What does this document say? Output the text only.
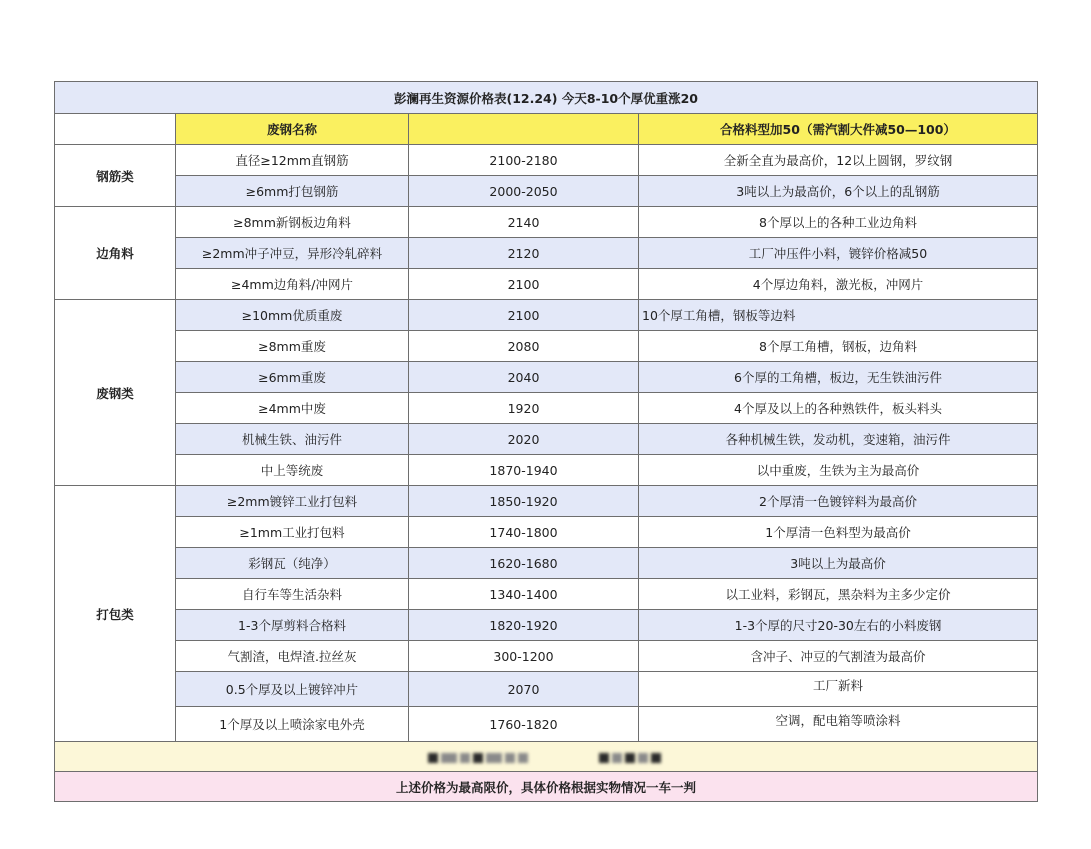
彭澜再生资源价格表(12.24) 今天8-10个厚优重涨20			
	废钢名称		合格料型加50（需汽割大件减50—100）
钢筋类	直径≥12mm直钢筋	2100-2180	全新全直为最高价，12以上圆钢，罗纹钢
	≥6mm打包钢筋	2000-2050	3吨以上为最高价，6个以上的乱钢筋
边角料	≥8mm新钢板边角料	2140	8个厚以上的各种工业边角料
	≥2mm冲子冲豆，异形冷轧碎料	2120	工厂冲压件小料，镀锌价格减50
	≥4mm边角料/冲网片	2100	4个厚边角料，激光板，冲网片
废钢类	≥10mm优质重废	2100	10个厚工角槽，钢板等边料
	≥8mm重废	2080	8个厚工角槽，钢板，边角料
	≥6mm重废	2040	6个厚的工角槽，板边，无生铁油污件
	≥4mm中废	1920	4个厚及以上的各种熟铁件，板头料头
	机械生铁、油污件	2020	各种机械生铁，发动机，变速箱，油污件
	中上等统废	1870-1940	以中重废，生铁为主为最高价
打包类	≥2mm镀锌工业打包料	1850-1920	2个厚清一色镀锌料为最高价
	≥1mm工业打包料	1740-1800	1个厚清一色料型为最高价
	彩钢瓦（纯净）	1620-1680	3吨以上为最高价
	自行车等生活杂料	1340-1400	以工业料，彩钢瓦，黑杂料为主多少定价
	1-3个厚剪料合格料	1820-1920	1-3个厚的尺寸20-30左右的小料废钢
	气割渣，电焊渣.拉丝灰	300-1200	含冲子、冲豆的气割渣为最高价
	0.5个厚及以上镀锌冲片	2070	工厂新料
	1个厚及以上喷涂家电外壳	1760-1820	空调，配电箱等喷涂料

上述价格为最高限价，具体价格根据实物情况一车一判			
